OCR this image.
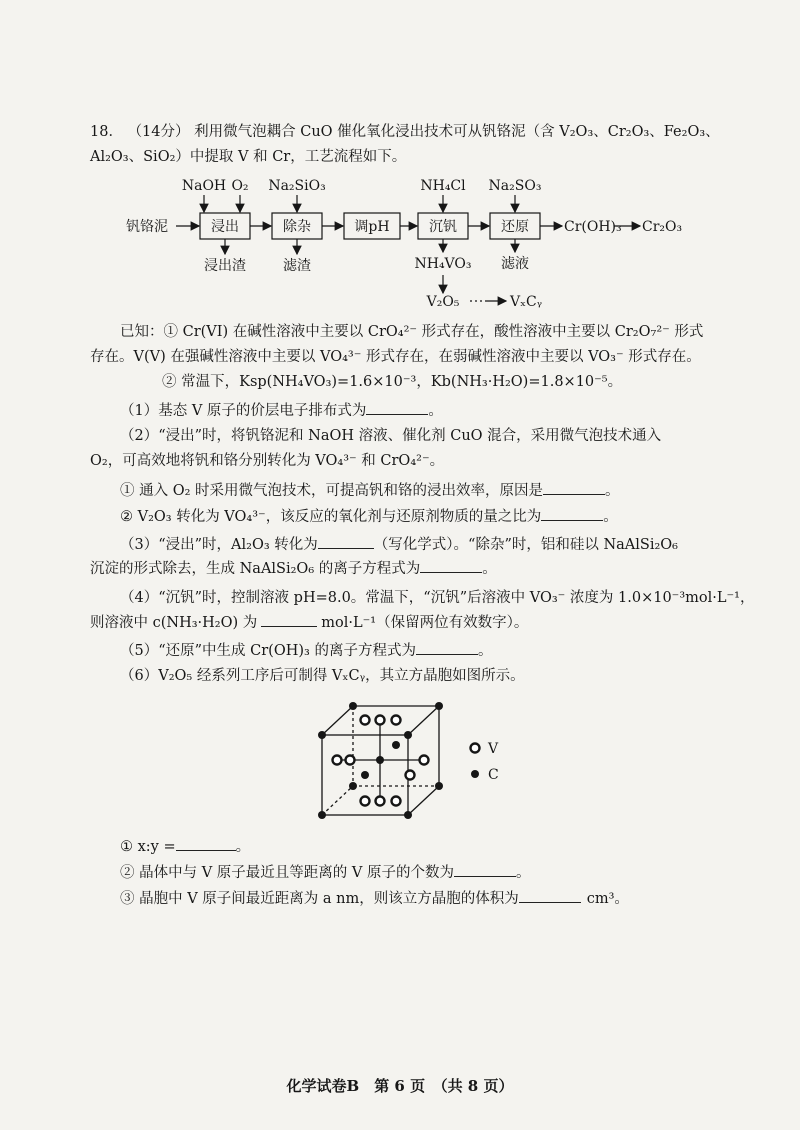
18． （14分） 利用微气泡耦合 CuO 催化氧化浸出技术可从钒铬泥（含 V₂O₃、Cr₂O₃、Fe₂O₃、
Al₂O₃、SiO₂）中提取 V 和 Cr，工艺流程如下。
钒铬泥	浸出	除杂	调pH	沉钒	还原
NaOH O₂ Na₂SiO₃	NH₄Cl Na₂SO₃
浸出渣	滤渣	NH₄VO₃ 滤液
Cr(OH)₃ Cr₂O₃
V₂O₅	VₓCᵧ
已知：① Cr(VI) 在碱性溶液中主要以 CrO₄²⁻ 形式存在，酸性溶液中主要以 Cr₂O₇²⁻ 形式
存在。V(V) 在强碱性溶液中主要以 VO₄³⁻ 形式存在，在弱碱性溶液中主要以 VO₃⁻ 形式存在。
② 常温下，Ksp(NH₄VO₃)=1.6×10⁻³，Kb(NH₃·H₂O)=1.8×10⁻⁵。
（1）基态 V 原子的价层电子排布式为	。
（2）“浸出”时，将钒铬泥和 NaOH 溶液、催化剂 CuO 混合，采用微气泡技术通入
O₂，可高效地将钒和铬分别转化为 VO₄³⁻ 和 CrO₄²⁻。
① 通入 O₂ 时采用微气泡技术，可提高钒和铬的浸出效率，原因是	。
② V₂O₃ 转化为 VO₄³⁻，该反应的氧化剂与还原剂物质的量之比为	。
（3）“浸出”时，Al₂O₃ 转化为	（写化学式）。“除杂”时，铝和硅以 NaAlSi₂O₆
沉淀的形式除去，生成 NaAlSi₂O₆ 的离子方程式为	。
（4）“沉钒”时，控制溶液 pH=8.0。常温下，“沉钒”后溶液中 VO₃⁻ 浓度为 1.0×10⁻³mol·L⁻¹，
则溶液中 c(NH₃·H₂O) 为	mol·L⁻¹（保留两位有效数字）。
（5）“还原”中生成 Cr(OH)₃ 的离子方程式为	。
（6）V₂O₅ 经系列工序后可制得 VₓCᵧ，其立方晶胞如图所示。
V
C
① x:y =	。
② 晶体中与 V 原子最近且等距离的 V 原子的个数为	。
③ 晶胞中 V 原子间最近距离为 a nm，则该立方晶胞的体积为	cm³。
化学试卷B　第 6 页　（共 8 页）
